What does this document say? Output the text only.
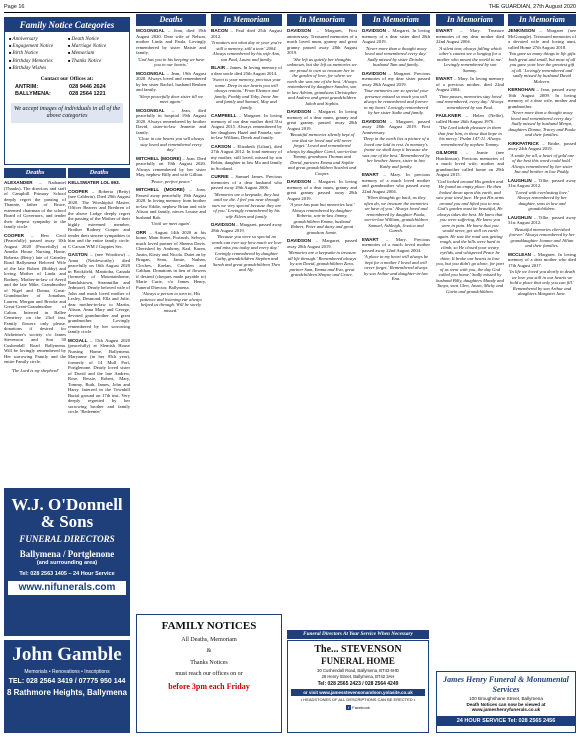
Page 16	THE GUARDIAN, 27th August 2020
Family Notice Categories
■ Anniversary	■ Death Notice
■ Engagement Notice	■ Marriage Notice
■ Birth Notice	■ Memoriam
■ Birthday Memories	■ Thanks Notice
■ Birthday Wishes
Contact our Offices at:
ANTRIM:	028 9446 2624
BALLYMENA:	028 2564 1221
We accept images of individuals in all of the above categories
Deaths
ALEXANDER – Nathaniel (Thanks). The directors and staff of Camphill Primary School deeply regret the passing of Thannie, father of Bruce, esteemed chairman of the school Board of Governors, and tender their deepest sympathy to the family circle.
COOPER – Hew Cecil (Peacefully) passed away 10th August 2020 (Peacefully) at Amelia House Nursing Home, Roberta (Betty) late of Cairnley Road Ballymena Beloved Wife of the late Robert (Bobby) and loving Mother of Linda and Rodney, Mother-in-law of Averil and the late Mike, Grandmother of Nigel and Donna, Great-Grandmother of Jonathan, Lauren, Morgan and Brooke and Great-Great-Grandmother of Calton. Interred in Ballee Cemetery on the 23rd inst. Family flowers only please, donations if desired for Alzheimer's society c/o James Stevenson and Son 30 Cushendall Road Ballymena. Will be lovingly remembered by Her sorrowing Family and the entire Family circle.
'The Lord is my shepherd'
Deaths
KELLSWATER LOL 693.
COOPER – Roberta (Betty) (nee Calderin). Died 29th August 2020. The Worshipful Master, Officer Bearers and Brethren of the above Lodge deeply regret the passing of the Mother of their highly esteemed member, Brother Rodney Cooper and tender their sincere sympathies to him and the entire family circle. C Carson WM J Guppies Sec.
GASTON – (nee Woodrow) – Anna (Nettleworthy) died peacefully on 16th August 2020 in Brickfield, Manitoba, Canada (formerly of Mountainhome, Randalstown, Stranmillar and Jedmore). Dearly beloved wife of John and much loved mother of Lesley, Desmond, Ella and Julie, dear mother-in-law to Martin, Alison, Anna Mary and George, devoted grandmother and great grandmother. Lovingly remembered by her sorrowing family circle.
MCGALL – 15th August 2020 (peacefully) at Slemish House Nursing Home, Ballymena, Maryanne (in her 95th year), formerly of 14 Mull Port, Portglenone. Dearly loved sister of David and the late Andrew, Rose, Bessie, Robert, Mary, Tommy, Ruth, James, John and Harry. Interred in the Townhill Burial ground on 17th inst. Very deeply regretted by her sorrowing brother and family circle. 'Redeemer'
W.J. O'Donnell
& Sons
FUNERAL DIRECTORS
Ballymena / Portglenone
(and surrounding area)
Tel: 028 2563 1405 – 24 Hour Service
www.nifunerals.com
John Gamble
Memorials • Renovations • Inscriptions
TEL: 028 2564 3419 / 07775 950 144
8 Rathmore Heights, Ballymena
Deaths
MCGONIGAL – Jean, died 19th August 2020. Dear wife of Nelson, mother Linda and Paula. Lovingly remembered by sister Maisie and family.
'God has you in his keeping we have you in our hearts.'
MCGONIGAL – Jean, 19th August 2020. Always loved and remembered by her sister Rachel, husband Reuben and family.
'Sleep peacefully dear sister till we meet again.'
MCGONIGAL – Jean, died peacefully in hospital 19th August 2020. Always remembered by brother David, sister-in-law Jeanette and family.
'Close in our hearts you will always stay loved and remembered every day.'
MITCHELL (MOORE) – Joan. Died peacefully on 19th August 2020. Always remembered by her sister May, nephew Billy and wife Gillian.
'Peace, perfect peace.'
MITCHELL (MOORE) – Joan. Passed away peacefully 19th August 2020. In loving memory from brother in-law Eddie, nephew Brian and wife Alison and family, nieces Louise and husband Rab.
'Until we meet again'.
ORR – August 14th 2020 at his home, Main Street, Portrush, Selwyn, much loved partner of Sheena Davis. Cherished by Anthony, Karl, Karen, Justin, Kirsty and Nicola. Duiet on by Brugan, Sean, Jamie, Nathan, Cloches, Kaelan, Caethlen and Calthan. Donations in lieu of flowers if desired (cheques made payable to) Marie Curie, c/o James Henry, Funeral Director, Ballymena.
'Always a person to turn to, His patience and listening ear always helped us through. Will be sorely missed.'
In Memoriam
BACON – Paul died 25th August 2012.
'It matters not what day or year you're still a memory, still a tear.' 2004. Always remembered by his wife Ann, son Paul, Laura and family.
BLAIR – James. In loving memory of a dear uncle died 25th August 2014.
'Sweet is your memory, precious your name. Deep in our hearts you will always remain.' From Eleanor and family, Freddy and Toby, Irene Jim and family and Samuel, May and family.
CAMPBELL – Margaret. In loving memory of our dear mother died 31st August 2015. Always remembered by her daughters Hazel and Pamela, son-in-law William, Derek and family.
CARSON – Elizabeth (Lilian), died 27th August 2012. In fond memory of my mother, still loved, missed by son Robin, daughter in law Mo and family in Scotland.
CURRIE – Samuel James. Precious memories of a dear husband who passed away 29th August 2006.
'Memories are a keepsake, they last until we die. I feel you near through ours we very special because they are of you.' Lovingly remembered by his wife Eileen and family.
DAVIDSON – Margaret, passed away 28th August 2019.
'Because you were so special no words can ever say how much we love and miss you today and every day.' Lovingly remembered by daughter Cathy, grandchildren Stephen and Sarah and great grandchildren Theo and Aly.
FAMILY NOTICES
All Deaths, Memoriam
&
Thanks Notices
must reach our offices on or
before 3pm each Friday
In Memoriam
DAVIDSON – Margaret, First anniversary. Treasured memories of a much loved mum, granny and great granny passed away 28th August 2019.
'She left us quietly her thoughts unknown, but she left us memories we are proud to own so treasure her in the garden of love, for where we earth she was one of the best.' Always remembered by daughter Sandra, son in law Adrian, grandsons Christopher and Andrew and great grandchildren Jakob and Sophia.
DAVIDSON – Margaret. In loving memory of a dear mum, granny and great granny, passed away 28th August 2019.
'Beautiful memories silently kept of one that we loved and will never forget.' Loved and remembered always by daughter Carol, son-in-law Tommy, grandsons Thomas and David, partners Emma and Sophie and great grandchildren Scarlett and Cooper.
DAVIDSON – Margaret. In loving memory of a dear mum, granny and great granny passed away 28th August 2019.
'A year has past but memories last.' Always remembered by daughter Roberta, son-in-law Jimmy, grandchildren Emma, husband Robert, Peter and daisy and great grandson Jamie.
DAVIDSON – Margaret, passed away 28th August 2019.
'Memories are a keepsake to treasure all life through.' Remembered always by son David, grandchildren Zara, partner Sam, Emma and Eva, great grandchildren Shayne and Grace.
In Memoriam
DAVIDSON – Margaret. In loving memory of a dear sister died 28th August 2019.
'Never more than a thought away loved and remembered every day.' Sadly missed by sister Deirdre, husband Tam and family.
DAVIDSON – Margaret. Precious memories of my dear sister passed away 28th August 2019.
'Your memories are so special your presence missed so much you will always be remembered and forever in my heart.' Lovingly remembered by her sister Sadie and family.
DAVIDSON – Margaret, passed away 28th August 2019. First Anniversary.
'Deep in the earth lies a picture of a loved one laid to rest. In memory's frame we shall keep it because she was one of the best.' Remembered by her brother James, sister in law Kathy and family.
EWART – Mary. In precious memory of a much loved mother and grandmother who passed away 22nd August 2004.
'When thoughts go back, as they often do, we treasure the memories we have of you.' Always loved and remembered by daughter Paula, son-in-law William, grandchildren Samuel, Ashleigh, Jessica and Gareth.
EWART – Mary. Precious memories of a much loved mother passed away 22nd August 2004.
'A place in my heart will always be kept for a mother I loved and will never forget.' Remembered always by son Arthur and daughter-in-law Ena.
Funeral Directors At Your Service When Necessary
The... STEVENSON
FUNERAL HOME
30 Cushendall Road, Ballymena, BT43 6HD
28 Henry Street, Ballymena, BT42 3AH
Tel: 028 2565 2423 / 028 2564 4249
or visit www.jamesstevensonandson.yolasite.co.uk
• HEADSTONES OF ALL DESCRIPTIONS CAN BE ERECTED •
f Facebook
In Memoriam
EWART – Mary. Treasure memories of my dear mother died 22nd August 2004.
'A silent tear, always falling which other's cannot see a longing for a mother who meant the world to me.' Lovingly remembered by son Sammy.
EWART – Mary. In loving memory of a precious mother, died 22nd August 2004.
'Time passes, memories stay loved and remembered, every day.' Always remembered by son Paul.
FAULKNER – Helen (Nellie), called Home 26th August 1976.
'The Lord taketh pleasure in them that fear him, in those that hope in his mercy.' Psalm 147:11. Always remembered by nephew Tommy.
GILMORE – Jeanie (nee Hutchinson). Precious memories of a much loved wife, mother and grandmother called home on 29th August 2015.
'God looked around His garden and He found an empty place. He then looked down upon this earth, and saw your tired face. He put His arms around you and lifted you to rest. God's garden must be beautiful, He always takes the best. He knew that you were suffering, He knew you were in pain. He knew that you would never, get well on earth again. He saw the road was getting rough, and the hills were hard to climb, so He closed your weary eyelids, and whispered Peace be thine. It broke our hearts to lose you, but you didn't go alone, for part of us went with you, the day God called you home.' Sadly missed by husband Billy, daughters Mandy and Tanya, sons Glen, Jason, Micky and Gavin and grandchildren.
In Memoriam
JENKINSON – Margaret (nee McGonagle). Treasured memories of a devoted wife and loving aunt, called Home 27th August 2018.
'You gave us many things in life gifts both great and small, but most of all you gave your love the greatest gift of all.' Lovingly remembered and sadly missed by husband David Malvern.
KERNOHAN – Jean, passed away 16th August 2009. In loving memory of a dear wife, mother and grandmother.
'Never more than a thought away loved and remembered every day.' Sadly missed by husband Menyn, daughters Donna, Tracey and Paula and their families.
KIRKPATRICK – Bridie, passed away 24th August 2019.
'A smile for all, a heart of gold one of the best this word could hold.' Always remembered by her sister Ina and brother in law Paddy.
LAUGHLIN – Tillie, passed away 31st August 2012.
'Loved with everlasting love.' Always remembered by her daughter, sons in law and grandchildren.
LAUGHLIN – Tillie, passed away 31st August 2012.
'Beautiful memories cherished forever.' Always remembered by her granddaughter Joanne and Jillian and their families.
MCCLEAN – Margaret. In loving memory of a dear mother who died 17th August 2017.
'In life we loved you dearly in death we love you still in our hearts we hold a place that only you can fill.' Remembered by son Arthur and daughters Margaret Jane.
James Henry Funeral & Monumental Services
100 Broughshane Street, Ballymena
Death Notices can now be viewed at www.jameshenryfunerals.co.uk
24 HOUR SERVICE Tel: 028 2565 2456
